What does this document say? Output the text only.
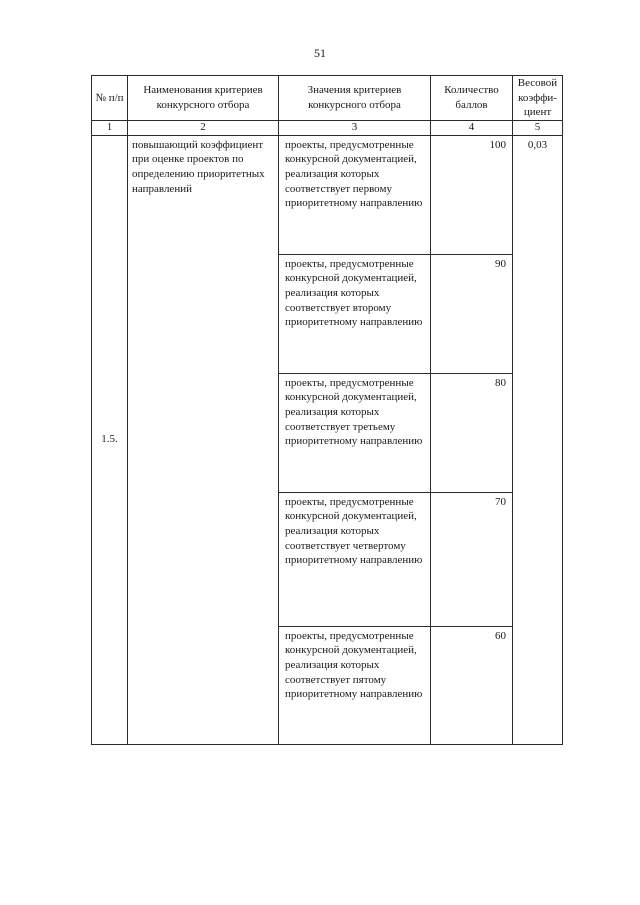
51
№ п/п	Наименования критериев конкурсного отбора	Значения критериев конкурсного отбора	Количество баллов	Весовой коэффи-циент
1	2	3	4	5
1.5.	повышающий коэффициент при оценке проектов по определению приоритетных направлений	проекты, предусмотренные конкурсной документацией, реализация которых соответствует первому приоритетному направлению	100	0,03
		проекты, предусмотренные конкурсной документацией, реализация которых соответствует второму приоритетному направлению	90	
		проекты, предусмотренные конкурсной документацией, реализация которых соответствует третьему приоритетному направлению	80	
		проекты, предусмотренные конкурсной документацией, реализация которых соответствует четвертому приоритетному направлению	70	
		проекты, предусмотренные конкурсной документацией, реализация которых соответствует пятому приоритетному направлению	60	
